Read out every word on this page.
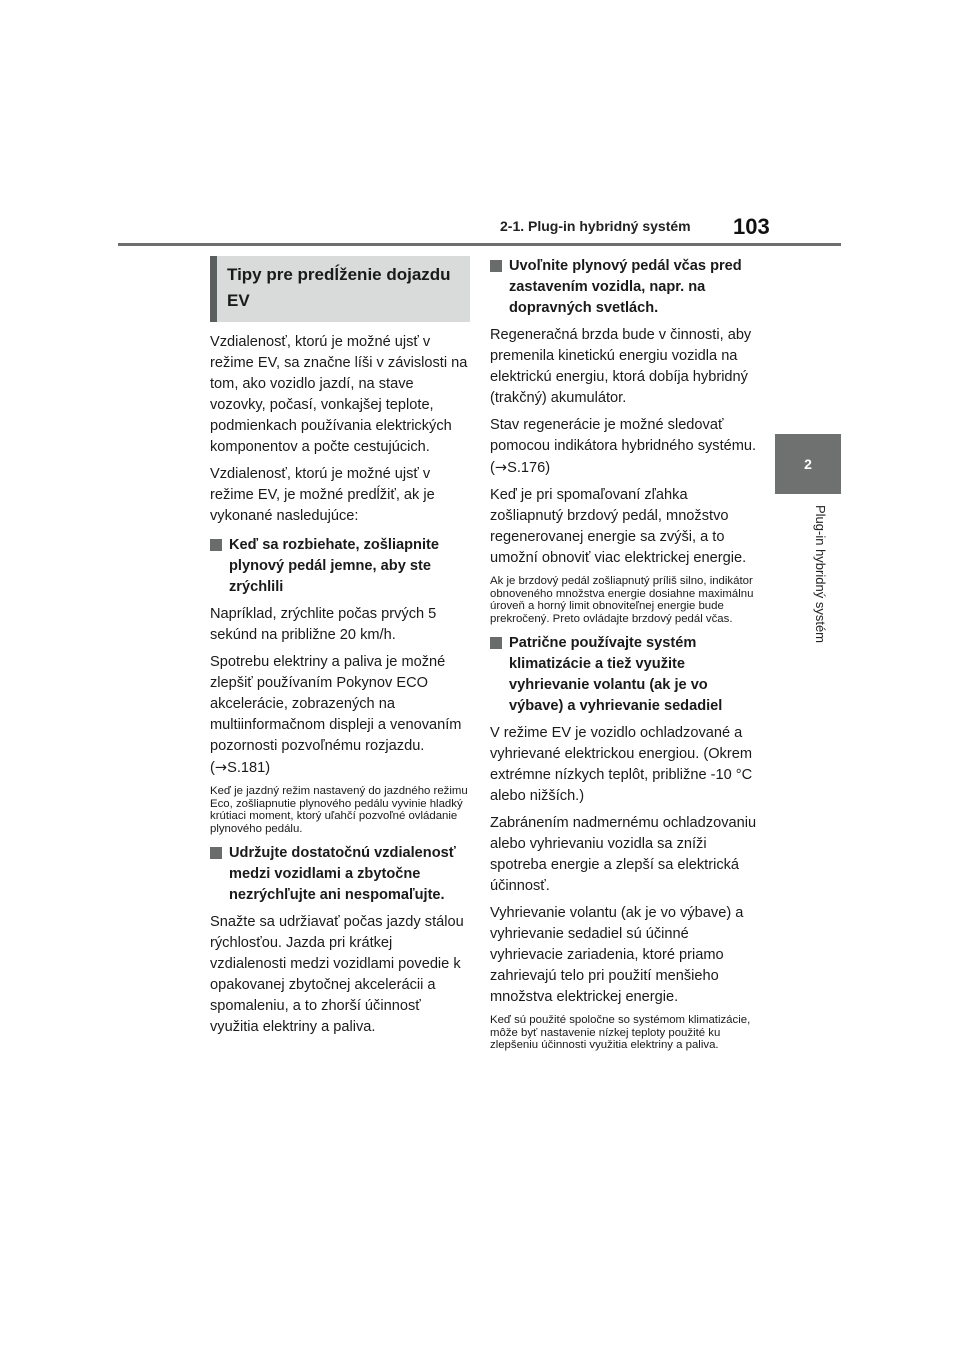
2-1. Plug-in hybridný systém 103
2
Plug-in hybridný systém
Tipy pre predĺženie dojazdu EV

Vzdialenosť, ktorú je možné ujsť v režime EV, sa značne líši v závislosti na tom, ako vozidlo jazdí, na stave vozovky, počasí, vonkajšej teplote, podmienkach používania elektrických komponentov a počte cestujúcich.

Vzdialenosť, ktorú je možné ujsť v režime EV, je možné predĺžiť, ak je vykonané nasledujúce:

Keď sa rozbiehate, zošliapnite plynový pedál jemne, aby ste zrýchlili

Napríklad, zrýchlite počas prvých 5 sekúnd na približne 20 km/h.

Spotrebu elektriny a paliva je možné zlepšiť používaním Pokynov ECO akcelerácie, zobrazených na multiinformačnom displeji a venovaním pozornosti pozvoľnému rozjazdu.
(→S.181)

Keď je jazdný režim nastavený do jazdného režimu Eco, zošliapnutie plynového pedálu vyvinie hladký krútiaci moment, ktorý uľahčí pozvoľné ovládanie plynového pedálu.

Udržujte dostatočnú vzdialenosť medzi vozidlami a zbytočne nezrýchľujte ani nespomaľujte.

Snažte sa udržiavať počas jazdy stálou rýchlosťou. Jazda pri krátkej vzdialenosti medzi vozidlami povedie k opakovanej zbytočnej akcelerácii a spomaleniu, a to zhorší účinnosť využitia elektriny a paliva.

Uvoľnite plynový pedál včas pred zastavením vozidla, napr. na dopravných svetlách.

Regeneračná brzda bude v činnosti, aby premenila kinetickú energiu vozidla na elektrickú energiu, ktorá dobíja hybridný (trakčný) akumulátor.

Stav regenerácie je možné sledovať pomocou indikátora hybridného systému. (→S.176)

Keď je pri spomaľovaní zľahka zošliapnutý brzdový pedál, množstvo regenerovanej energie sa zvýši, a to umožní obnoviť viac elektrickej energie.

Ak je brzdový pedál zošliapnutý príliš silno, indikátor obnoveného množstva energie dosiahne maximálnu úroveň a horný limit obnoviteľnej energie bude prekročený. Preto ovládajte brzdový pedál včas.

Patrične používajte systém klimatizácie a tiež využite vyhrievanie volantu (ak je vo výbave) a vyhrievanie sedadiel

V režime EV je vozidlo ochladzované a vyhrievané elektrickou energiou. (Okrem extrémne nízkych teplôt, približne -10 °C alebo nižších.)

Zabránením nadmernému ochladzovaniu alebo vyhrievaniu vozidla sa zníži spotreba energie a zlepší sa elektrická účinnosť.

Vyhrievanie volantu (ak je vo výbave) a vyhrievanie sedadiel sú účinné vyhrievacie zariadenia, ktoré priamo zahrievajú telo pri použití menšieho množstva elektrickej energie.

Keď sú použité spoločne so systémom klimatizácie, môže byť nastavenie nízkej teploty použité ku zlepšeniu účinnosti využitia elektriny a paliva.
